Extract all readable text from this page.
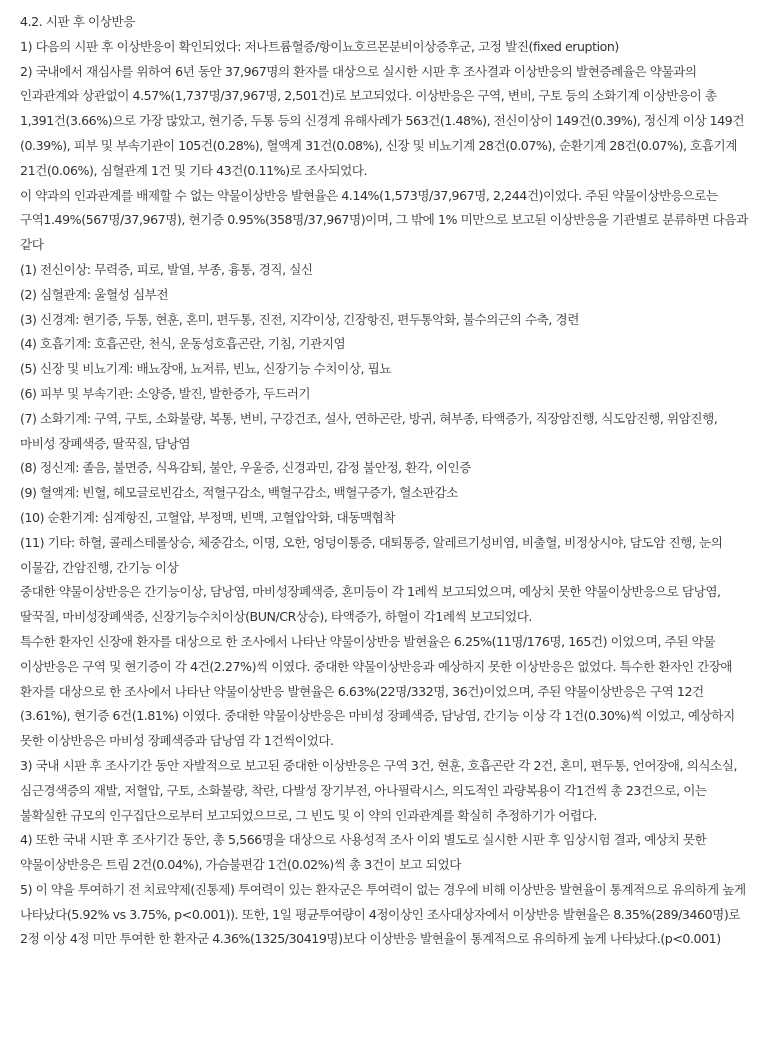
4.2. 시판 후 이상반응

1) 다음의 시판 후 이상반응이 확인되었다: 저나트륨혈증/항이뇨호르몬분비이상증후군, 고정 발진(fixed eruption)

2) 국내에서 재심사를 위하여 6년 동안 37,967명의 환자를 대상으로 실시한 시판 후 조사결과 이상반응의 발현증례율은 약물과의 인과관계와 상관없이 4.57%(1,737명/37,967명, 2,501건)로 보고되었다. 이상반응은 구역, 변비, 구토 등의 소화기계 이상반응이 총 1,391건(3.66%)으로 가장 많았고, 현기증, 두통 등의 신경계 유해사례가 563건(1.48%), 전신이상이 149건(0.39%), 정신계 이상 149건(0.39%), 피부 및 부속기관이 105건(0.28%), 혈액계 31건(0.08%), 신장 및 비뇨기계 28건(0.07%), 순환기계 28건(0.07%), 호흡기계 21건(0.06%), 심혈관계 1건 및 기타 43건(0.11%)로 조사되었다.

이 약과의 인과관계를 배제할 수 없는 약물이상반응 발현율은 4.14%(1,573명/37,967명, 2,244건)이었다. 주된 약물이상반응으로는 구역1.49%(567명/37,967명), 현기증 0.95%(358명/37,967명)이며, 그 밖에 1% 미만으로 보고된 이상반응을 기관별로 분류하면 다음과 같다

(1) 전신이상: 무력증, 피로, 발열, 부종, 흉통, 경직, 실신

(2) 심혈관계: 울혈성 심부전

(3) 신경계: 현기증, 두통, 현훈, 혼미, 편두통, 진전, 지각이상, 긴장항진, 편두통악화, 불수의근의 수축, 경련

(4) 호흡기계: 호흡곤란, 천식, 운동성호흡곤란, 기침, 기관지염

(5) 신장 및 비뇨기계: 배뇨장애, 뇨저류, 빈뇨, 신장기능 수치이상, 핍뇨

(6) 피부 및 부속기관: 소양증, 발진, 발한증가, 두드러기

(7) 소화기계: 구역, 구토, 소화불량, 복통, 변비, 구강건조, 설사, 연하곤란, 방귀, 혀부종, 타액증가, 직장암진행, 식도암진행, 위암진행, 마비성 장폐색증, 딸꾹질, 담낭염

(8) 정신계: 졸음, 불면증, 식욕감퇴, 불안, 우울증, 신경과민, 감정 불안정, 환각, 이인증

(9) 혈액계: 빈혈, 헤모글로빈감소, 적혈구감소, 백혈구감소, 백혈구증가, 혈소판감소

(10) 순환기계: 심계항진, 고혈압, 부정맥, 빈맥, 고혈압악화, 대동맥협착

(11) 기타: 하혈, 콜레스테롤상승, 체중감소, 이명, 오한, 엉덩이통증, 대퇴통증, 알레르기성비염, 비출혈, 비정상시야, 담도암 진행, 눈의 이물감, 간암진행, 간기능 이상

중대한 약물이상반응은 간기능이상, 담낭염, 마비성장폐색증, 혼미등이 각 1례씩 보고되었으며, 예상치 못한 약물이상반응으로 담낭염, 딸꾹질, 마비성장폐색증, 신장기능수치이상(BUN/CR상승), 타액증가, 하혈이 각1례씩 보고되었다.

특수한 환자인 신장애 환자를 대상으로 한 조사에서 나타난 약물이상반응 발현율은 6.25%(11명/176명, 165건) 이었으며, 주된 약물 이상반응은 구역 및 현기증이 각 4건(2.27%)씩 이였다. 중대한 약물이상반응과 예상하지 못한 이상반응은 없었다. 특수한 환자인 간장애 환자를 대상으로 한 조사에서 나타난 약물이상반응 발현율은 6.63%(22명/332명, 36건)이었으며, 주된 약물이상반응은 구역 12건(3.61%), 현기증 6건(1.81%) 이였다. 중대한 약물이상반응은 마비성 장폐색증, 담낭염, 간기능 이상 각 1건(0.30%)씩 이었고, 예상하지 못한 이상반응은 마비성 장폐색증과 담낭염 각 1건씩이었다.

3) 국내 시판 후 조사기간 동안 자발적으로 보고된 중대한 이상반응은 구역 3건, 현훈, 호흡곤란 각 2건, 혼미, 편두통, 언어장애, 의식소실, 심근경색증의 재발, 저혈압, 구토, 소화불량, 착란, 다발성 장기부전, 아나필락시스, 의도적인 과량복용이 각1건씩 총 23건으로, 이는 불확실한 규모의 인구집단으로부터 보고되었으므로, 그 빈도 및 이 약의 인과관계를 확실히 추정하기가 어렵다.

4) 또한 국내 시판 후 조사기간 동안, 총 5,566명을 대상으로 사용성적 조사 이외 별도로 실시한 시판 후 임상시험 결과, 예상치 못한 약물이상반응은 트림 2건(0.04%), 가슴불편감 1건(0.02%)씩 총 3건이 보고 되었다

5) 이 약을 투여하기 전 치료약제(진통제) 투여력이 있는 환자군은 투여력이 없는 경우에 비해 이상반응 발현율이 통계적으로 유의하게 높게 나타났다(5.92% vs 3.75%, p<0.001)). 또한, 1일 평균투여량이 4정이상인 조사대상자에서 이상반응 발현율은 8.35%(289/3460명)로 2정 이상 4정 미만 투여한 한 환자군 4.36%(1325/30419명)보다 이상반응 발현율이 통계적으로 유의하게 높게 나타났다.(p<0.001)
